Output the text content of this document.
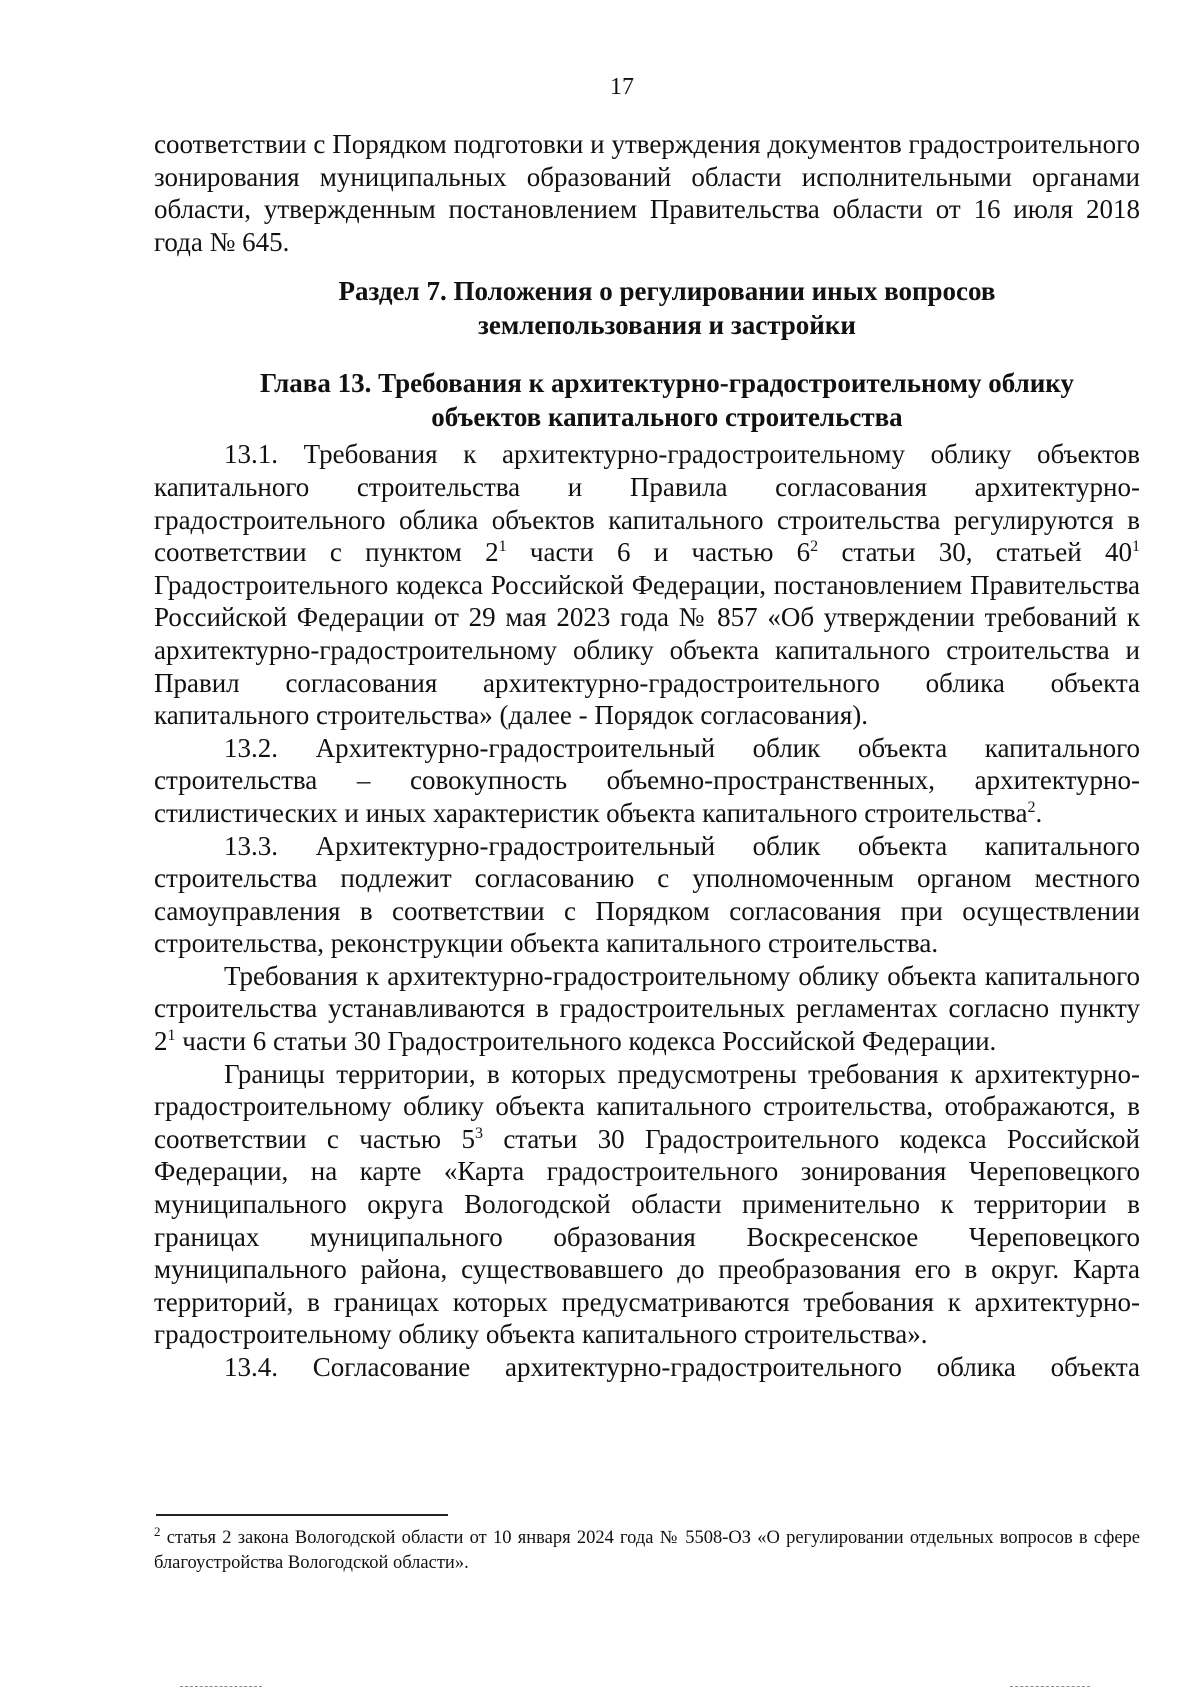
17

соответствии с Порядком подготовки и утверждения документов градостроительного зонирования муниципальных образований области исполнительными органами области, утвержденным постановлением Правительства области от 16 июля 2018 года № 645.

Раздел 7. Положения о регулировании иных вопросов
землепользования и застройки

Глава 13. Требования к архитектурно-градостроительному облику
объектов капитального строительства

13.1. Требования к архитектурно-градостроительному облику объектов капитального строительства и Правила согласования архитектурно-градостроительного облика объектов капитального строительства регулируются в соответствии с пунктом $2^1$ части 6 и частью $6^2$ статьи 30, статьей $40^1$ Градостроительного кодекса Российской Федерации, постановлением Правительства Российской Федерации от 29 мая 2023 года № 857 «Об утверждении требований к архитектурно-градостроительному облику объекта капитального строительства и Правил согласования архитектурно-градостроительного облика объекта капитального строительства» (далее - Порядок согласования).

13.2. Архитектурно-градостроительный облик объекта капитального строительства – совокупность объемно-пространственных, архитектурно-стилистических и иных характеристик объекта капитального строительства$^2$.

13.3. Архитектурно-градостроительный облик объекта капитального строительства подлежит согласованию с уполномоченным органом местного самоуправления в соответствии с Порядком согласования при осуществлении строительства, реконструкции объекта капитального строительства.

Требования к архитектурно-градостроительному облику объекта капитального строительства устанавливаются в градостроительных регламентах согласно пункту $2^1$ части 6 статьи 30 Градостроительного кодекса Российской Федерации.

Границы территории, в которых предусмотрены требования к архитектурно-градостроительному облику объекта капитального строительства, отображаются, в соответствии с частью $5^3$ статьи 30 Градостроительного кодекса Российской Федерации, на карте «Карта градостроительного зонирования Череповецкого муниципального округа Вологодской области применительно к территории в границах муниципального образования Воскресенское Череповецкого муниципального района, существовавшего до преобразования его в округ. Карта территорий, в границах которых предусматриваются требования к архитектурно-градостроительному облику объекта капитального строительства».

13.4. Согласование архитектурно-градостроительного облика объекта

$^2$ статья 2 закона Вологодской области от 10 января 2024 года № 5508-ОЗ «О регулировании отдельных вопросов в сфере благоустройства Вологодской области».
